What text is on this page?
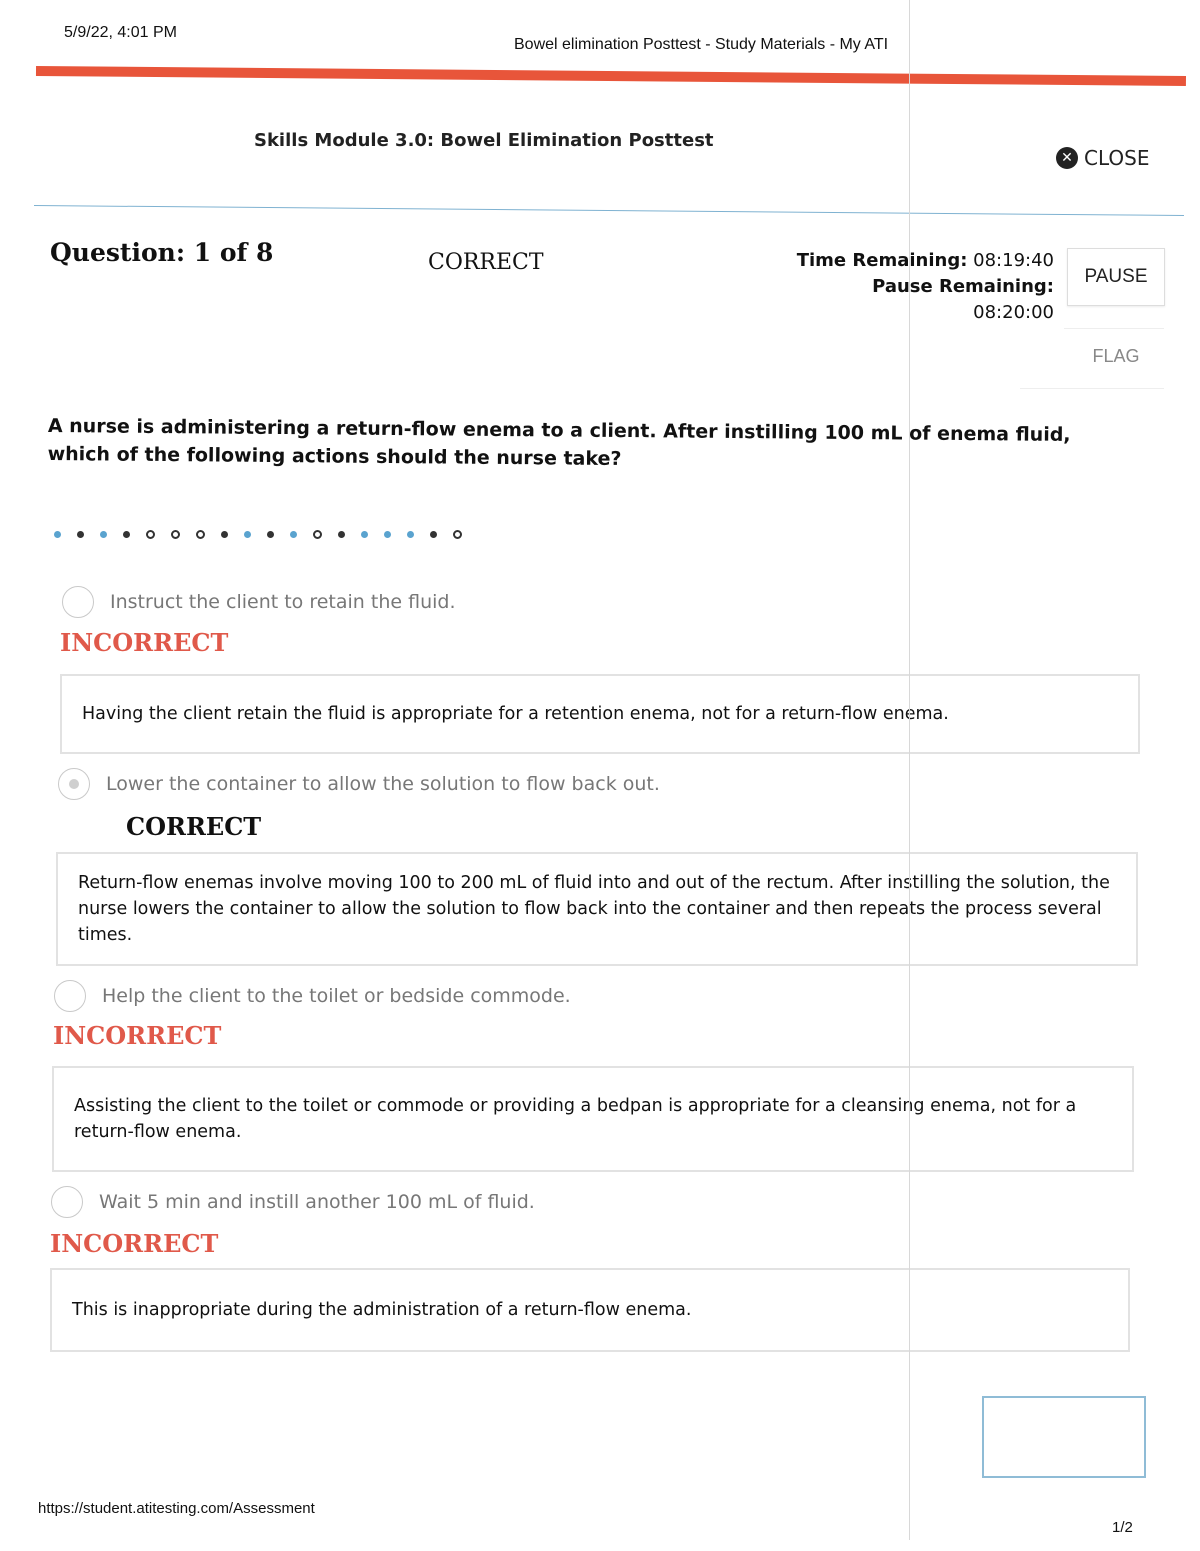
5/9/22, 4:01 PM
Bowel elimination Posttest - Study Materials - My ATI
Skills Module 3.0: Bowel Elimination Posttest
✕ CLOSE
Question: 1 of 8	CORRECT	Time Remaining: 08:19:40
Pause Remaining: 08:20:00
PAUSE
FLAG
A nurse is administering a return-flow enema to a client. After instilling 100 mL of enema fluid, which of the following actions should the nurse take?
Instruct the client to retain the fluid.
INCORRECT
Having the client retain the fluid is appropriate for a retention enema, not for a return-flow enema.
Lower the container to allow the solution to flow back out.
CORRECT
Return-flow enemas involve moving 100 to 200 mL of fluid into and out of the rectum. After instilling the solution, the nurse lowers the container to allow the solution to flow back into the container and then repeats the process several times.
Help the client to the toilet or bedside commode.
INCORRECT
Assisting the client to the toilet or commode or providing a bedpan is appropriate for a cleansing enema, not for a return-flow enema.
Wait 5 min and instill another 100 mL of fluid.
INCORRECT
This is inappropriate during the administration of a return-flow enema.
https://student.atitesting.com/Assessment
1/2
